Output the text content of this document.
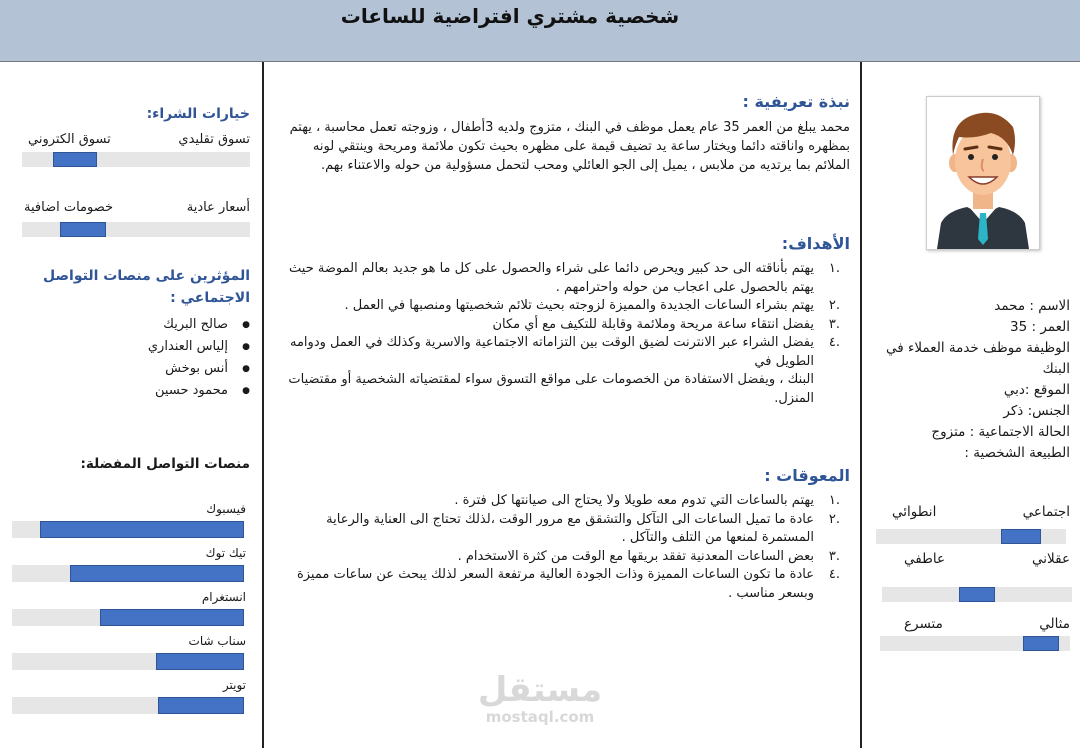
شخصية مشتري افتراضية للساعات
الاسم : محمد
العمر : 35
الوظيفة موظف خدمة العملاء في البنك
الموقع :دبي
الجنس: ذكر
الحالة الاجتماعية : متزوج
الطبيعة الشخصية :
اجتماعي
انطوائي
عقلاني
عاطفي
مثالي
متسرع
نبذة تعريفية :
محمد يبلغ من العمر 35 عام يعمل موظف في البنك ، متزوج ولديه 3أطفال ، وزوجته تعمل محاسبة ، يهتم بمظهره واناقته دائما ويختار ساعة يد تضيف قيمة على مظهره بحيث تكون ملائمة ومريحة وينتقي لونه الملائم بما يرتديه من ملابس ، يميل إلى الجو العائلي ومحب لتحمل مسؤولية من حوله والاعتناء بهم.
الأهداف:
.١
يهتم بأناقته الى حد كبير ويحرص دائما على شراء والحصول على كل ما هو جديد بعالم الموضة حيث يهتم بالحصول على اعجاب من حوله واحترامهم .
.٢
يهتم بشراء الساعات الجديدة والمميزة لزوجته بحيث تلائم شخصيتها ومنصبها في العمل .
.٣
يفضل انتقاء ساعة مريحة وملائمة وقابلة للتكيف مع أي مكان
.٤
يفضل الشراء عبر الانترنت لضيق الوقت بين التزاماته الاجتماعية والاسرية وكذلك في العمل ودوامه الطويل في
البنك ، ويفضل الاستفادة من الخصومات على مواقع التسوق سواء لمقتضياته الشخصية أو مقتضيات المنزل.
المعوقات :
.١
يهتم بالساعات التي تدوم معه طويلا ولا يحتاج الى صيانتها كل فترة .
.٢
عادة ما تميل الساعات الى التآكل والتشقق مع مرور الوقت ،لذلك تحتاج الى العناية والرعاية المستمرة لمنعها من التلف والتآكل .
.٣
بعض الساعات المعدنية تفقد بريقها مع الوقت من كثرة الاستخدام .
.٤
عادة ما تكون الساعات المميزة وذات الجودة العالية مرتفعة السعر لذلك يبحث عن ساعات مميزة وبسعر مناسب .
خيارات الشراء:
تسوق تقليدي
تسوق الكتروني
أسعار عادية
خصومات اضافية
المؤثرين على منصات التواصل
الاجتماعي :
صالح البريك ●
إلياس العنداري ●
أنس بوخش ●
محمود حسين ●
منصات التواصل المفضلة:
فيسبوك
تيك توك
انستغرام
سناب شات
تويتر	مستقل
mostaql.com
